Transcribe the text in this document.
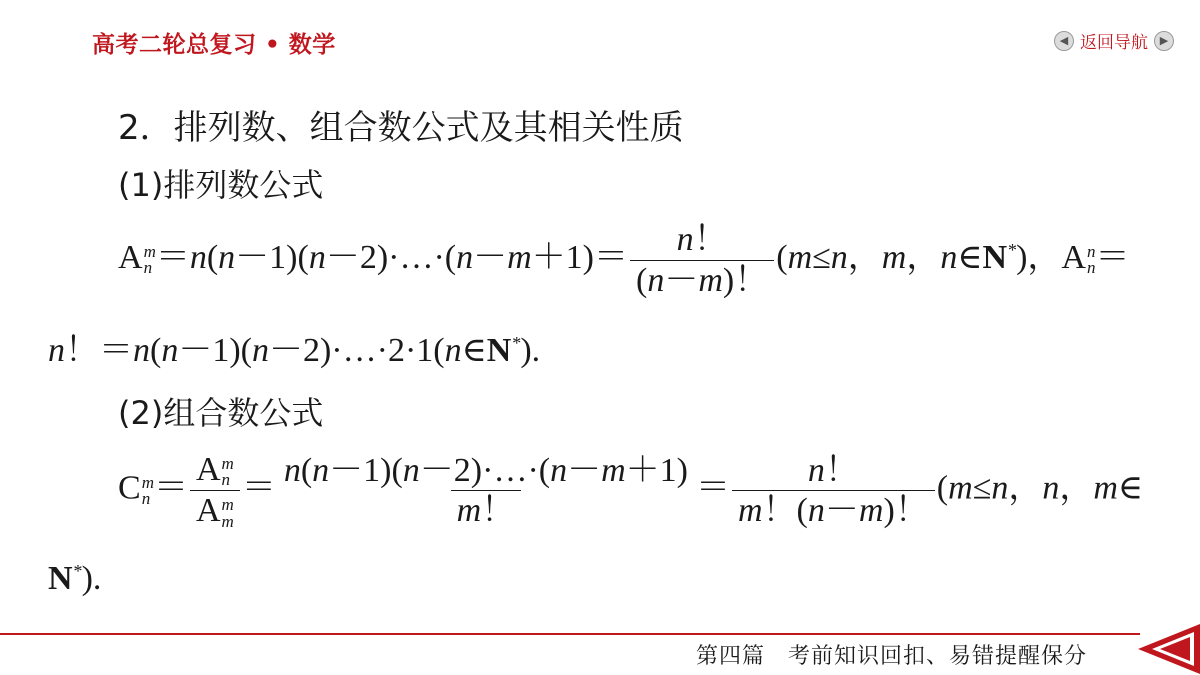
高考二轮总复习 • 数学	◀ 返回导航	▶
2．排列数、组合数公式及其相关性质
(1)排列数公式
A m
n ＝n(n－1)(n－2)·…·(n－m＋1)＝ $\frac{n!}{(n-m)!} (m\le n$，m，n∈N*)，A n
n ＝
n！＝n(n－1)(n－2)·…·2·1(n∈N*).
(2)组合数公式
C m
n ＝ A m
n
A m
$m = \frac{n(n-1)(n-2)\cdot\dots\cdot(n-m+1)}{m!} = \frac{n!}{m!(n-m)!} (m\le n$，n，m∈
N*).
第四篇　考前知识回扣、易错提醒保分
